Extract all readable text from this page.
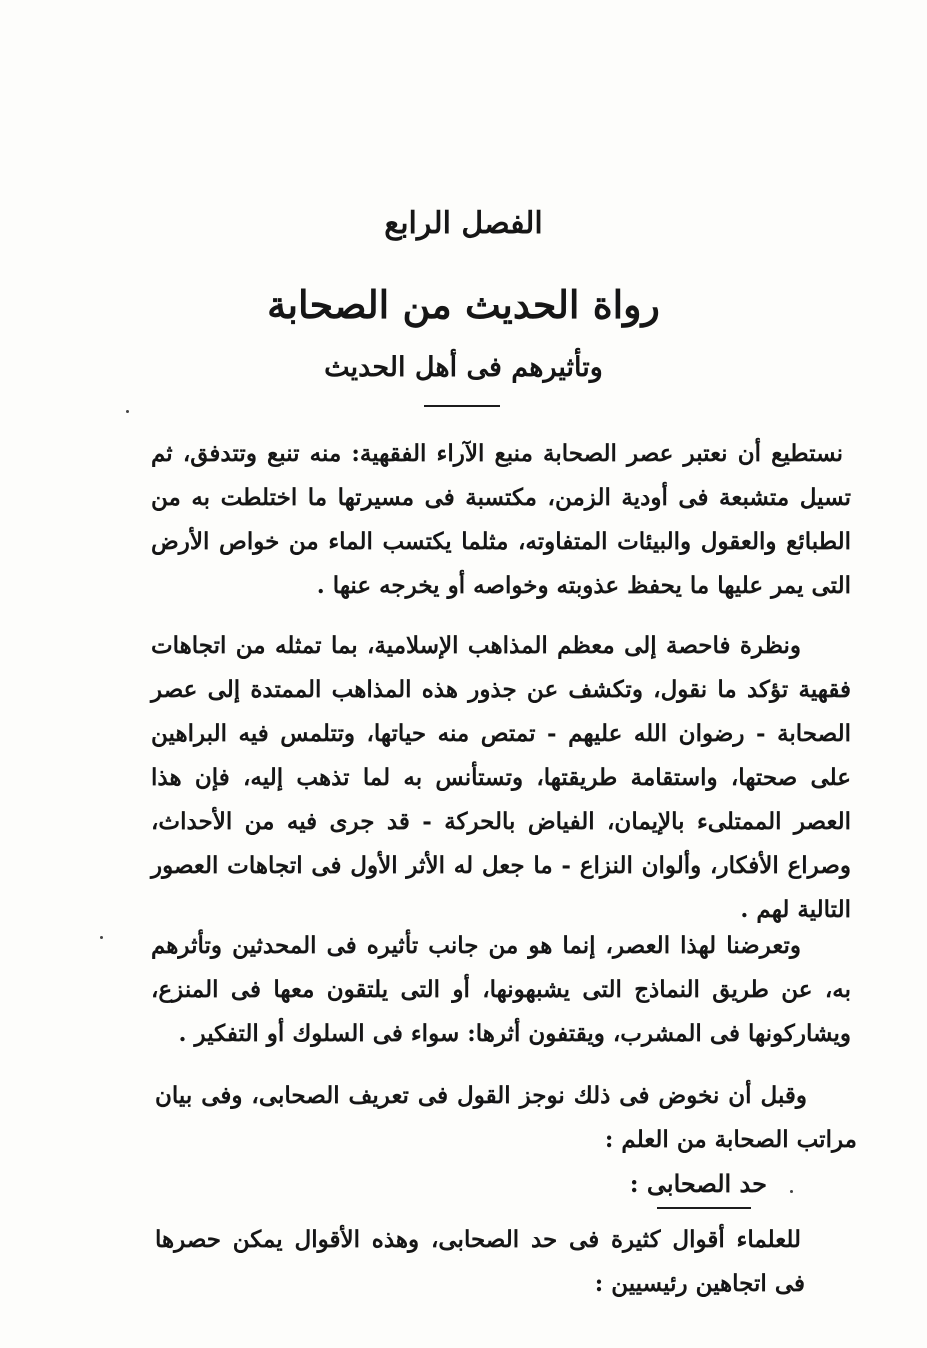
الفصل الرابع
رواة الحديث من الصحابة
وتأثيرهم فى أهل الحديث

نستطيع أن نعتبر عصر الصحابة منبع الآراء الفقهية: منه تنبع وتتدفق، ثم تسيل متشبعة فى أودية الزمن، مكتسبة فى مسيرتها ما اختلطت به من الطبائع والعقول والبيئات المتفاوته، مثلما يكتسب الماء من خواص الأرض التى يمر عليها ما يحفظ عذوبته وخواصه أو يخرجه عنها .

ونظرة فاحصة إلى معظم المذاهب الإسلامية، بما تمثله من اتجاهات فقهية تؤكد ما نقول، وتكشف عن جذور هذه المذاهب الممتدة إلى عصر الصحابة - رضوان الله عليهم - تمتص منه حياتها، وتتلمس فيه البراهين على صحتها، واستقامة طريقتها، وتستأنس به لما تذهب إليه، فإن هذا العصر الممتلىء بالإيمان، الفياض بالحركة - قد جرى فيه من الأحداث، وصراع الأفكار، وألوان النزاع - ما جعل له الأثر الأول فى اتجاهات العصور التالية لهم .

وتعرضنا لهذا العصر، إنما هو من جانب تأثيره فى المحدثين وتأثرهم به، عن طريق النماذج التى يشبهونها، أو التى يلتقون معها فى المنزع، ويشاركونها فى المشرب، ويقتفون أثرها: سواء فى السلوك أو التفكير .

وقبل أن نخوض فى ذلك نوجز القول فى تعريف الصحابى، وفى بيان مراتب الصحابة من العلم :

حد الصحابى :

للعلماء أقوال كثيرة فى حد الصحابى، وهذه الأقوال يمكن حصرها فى اتجاهين رئيسيين :
